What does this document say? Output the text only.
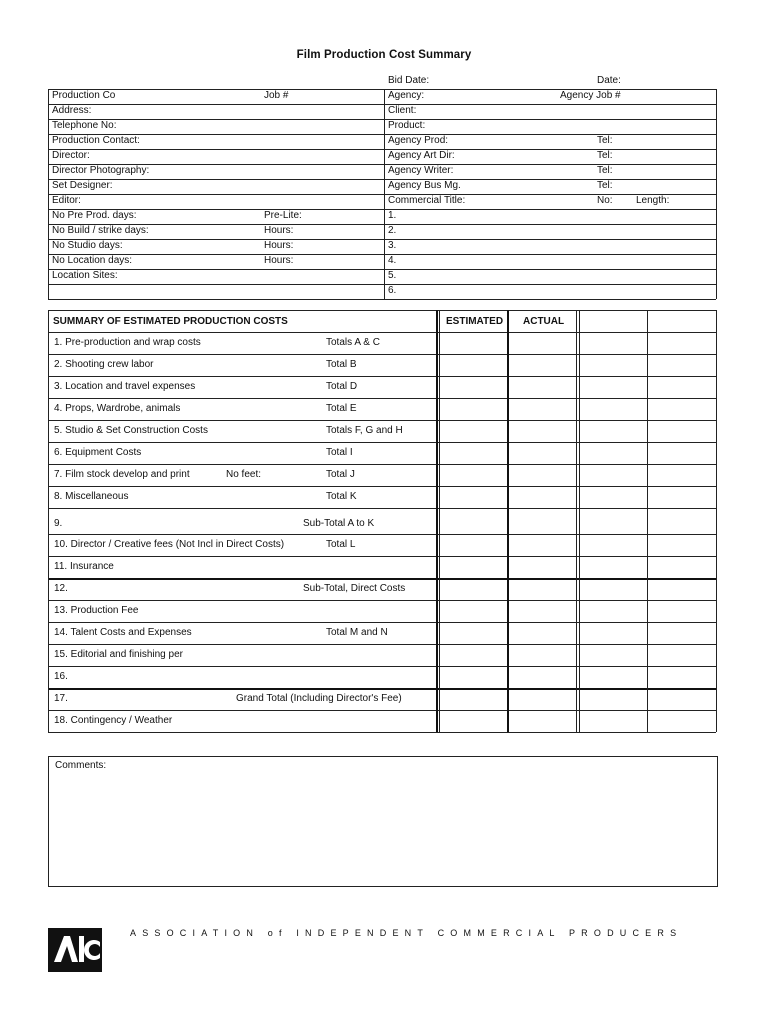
Film Production Cost Summary
Bid Date:	Date:
Production Co	Job #	Agency:	Agency Job #
Address:	Client:
Telephone No:	Product:
Production Contact:	Agency Prod:	Tel:
Director:	Agency Art Dir:	Tel:
Director Photography:	Agency Writer:	Tel:
Set Designer:	Agency Bus Mg.	Tel:
Editor:	Commercial Title:	No: Length:
No Pre Prod. days:	Pre-Lite:	1.
No Build / strike days:	Hours:	2.
No Studio days:	Hours:	3.
No Location days:	Hours:	4.
Location Sites:	5.
6.
SUMMARY OF ESTIMATED PRODUCTION COSTS	ESTIMATED ACTUAL
1. Pre-production and wrap costs	Totals A & C
2. Shooting crew labor	Total B
3. Location and travel expenses	Total D
4. Props, Wardrobe, animals	Total E
5. Studio & Set Construction Costs	Totals F, G and H
6. Equipment Costs	Total I
7. Film stock develop and print	No feet:	Total J
8. Miscellaneous	Total K
9.	Sub-Total A to K
10. Director / Creative fees (Not Incl in Direct Costs)	Total L
11. Insurance
12.	Sub-Total, Direct Costs
13. Production Fee
14. Talent Costs and Expenses	Total M and N
15. Editorial and finishing per
16.
17.	Grand Total (Including Director's Fee)
18. Contingency / Weather
Comments:
ASSOCIATION of INDEPENDENT COMMERCIAL PRODUCERS
